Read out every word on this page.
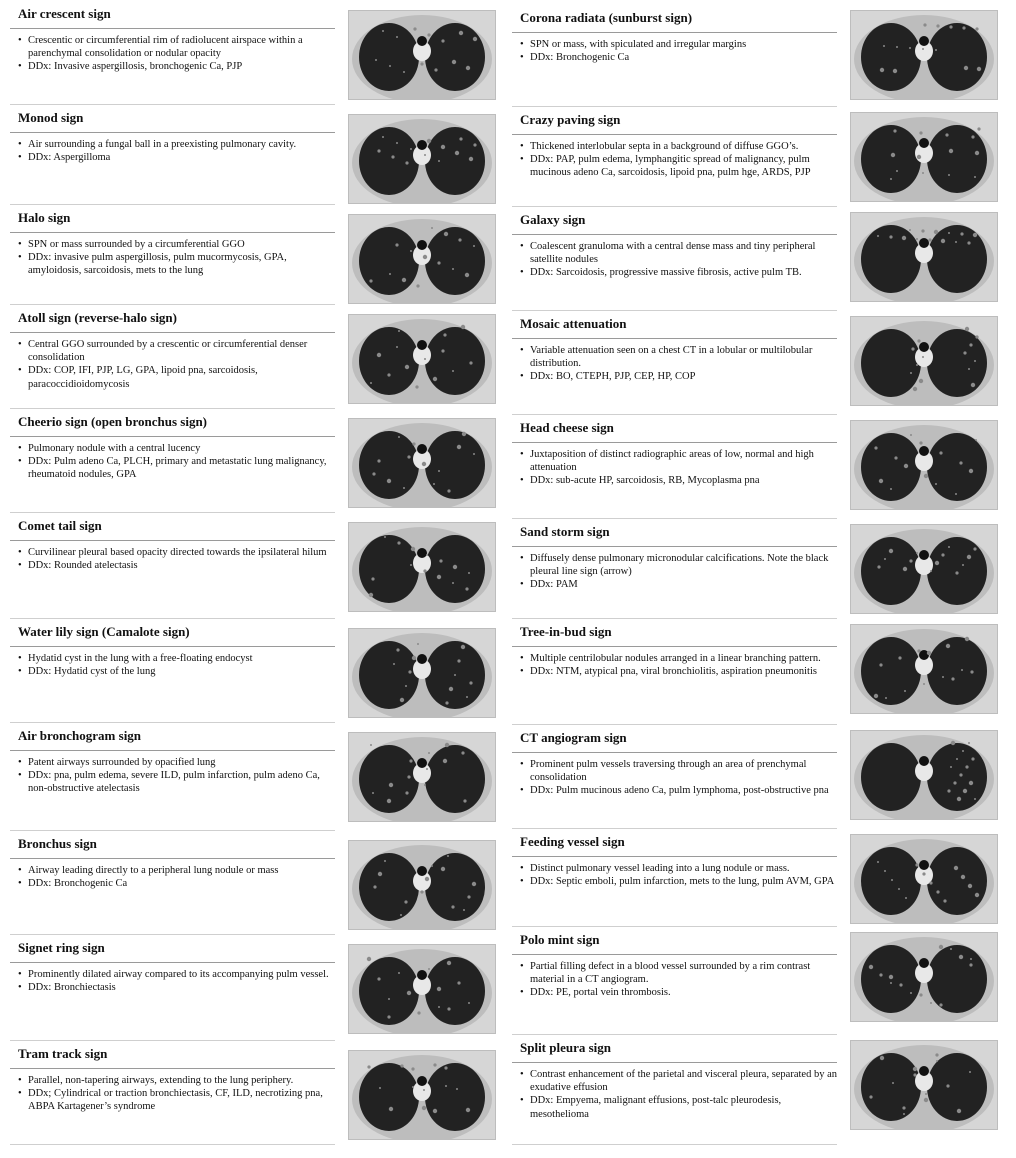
Air crescent sign
• Crescentic or circumferential rim of radiolucent airspace within a parenchymal consolidation or nodular opacity
• DDx: Invasive aspergillosis, bronchogenic Ca, PJP
Monod sign
• Air surrounding a fungal ball in a preexisting pulmonary cavity.
• DDx: Aspergilloma
Halo sign
• SPN or mass surrounded by a circumferential GGO
• DDx: invasive pulm aspergillosis, pulm mucormycosis, GPA, amyloidosis, sarcoidosis, mets to the lung
Atoll sign (reverse-halo sign)
• Central GGO surrounded by a crescentic or circumferential denser consolidation
• DDx: COP, IFI, PJP, LG, GPA, lipoid pna, sarcoidosis, paracoccidioidomycosis
Cheerio sign (open bronchus sign)
• Pulmonary nodule with a central lucency
• DDx: Pulm adeno Ca, PLCH, primary and metastatic lung malignancy, rheumatoid nodules, GPA
Comet tail sign
• Curvilinear pleural based opacity directed towards the ipsilateral hilum
• DDx: Rounded atelectasis
Water lily sign (Camalote sign)
• Hydatid cyst in the lung with a free-floating endocyst
• DDx: Hydatid cyst of the lung
Air bronchogram sign
• Patent airways surrounded by opacified lung
• DDx: pna, pulm edema, severe ILD, pulm infarction, pulm adeno Ca, non-obstructive atelectasis
Bronchus sign
• Airway leading directly to a peripheral lung nodule or mass
• DDx: Bronchogenic Ca
Signet ring sign
• Prominently dilated airway compared to its accompanying pulm vessel.
• DDx: Bronchiectasis
Tram track sign
• Parallel, non-tapering airways, extending to the lung periphery.
• DDx; Cylindrical or traction bronchiectasis, CF, ILD, necrotizing pna, ABPA Kartagener’s syndrome
Corona radiata (sunburst sign)
• SPN or mass, with spiculated and irregular margins
• DDx: Bronchogenic Ca
Crazy paving sign
• Thickened interlobular septa in a background of diffuse GGO’s.
• DDx: PAP, pulm edema, lymphangitic spread of malignancy, pulm mucinous adeno Ca, sarcoidosis, lipoid pna, pulm hge, ARDS, PJP
Galaxy sign
• Coalescent granuloma with a central dense mass and tiny peripheral satellite nodules
• DDx: Sarcoidosis, progressive massive fibrosis, active pulm TB.
Mosaic attenuation
• Variable attenuation seen on a chest CT in a lobular or multilobular distribution.
• DDx: BO, CTEPH, PJP, CEP, HP, COP
Head cheese sign
• Juxtaposition of distinct radiographic areas of low, normal and high attenuation
• DDx: sub-acute HP, sarcoidosis, RB, Mycoplasma pna
Sand storm sign
• Diffusely dense pulmonary micronodular calcifications. Note the black pleural line sign (arrow)
• DDx: PAM
Tree-in-bud sign
• Multiple centrilobular nodules arranged in a linear branching pattern.
• DDx: NTM, atypical pna, viral bronchiolitis, aspiration pneumonitis
CT angiogram sign
• Prominent pulm vessels traversing through an area of prenchymal consolidation
• DDx: Pulm mucinous adeno Ca, pulm lymphoma, post-obstructive pna
Feeding vessel sign
• Distinct pulmonary vessel leading into a lung nodule or mass.
• DDx: Septic emboli, pulm infarction, mets to the lung, pulm AVM, GPA
Polo mint sign
• Partial filling defect in a blood vessel surrounded by a rim contrast material in a CT angiogram.
• DDx: PE, portal vein thrombosis.
Split pleura sign
• Contrast enhancement of the parietal and visceral pleura, separated by an exudative effusion
• DDx: Empyema, malignant effusions, post-talc pleurodesis, mesothelioma
